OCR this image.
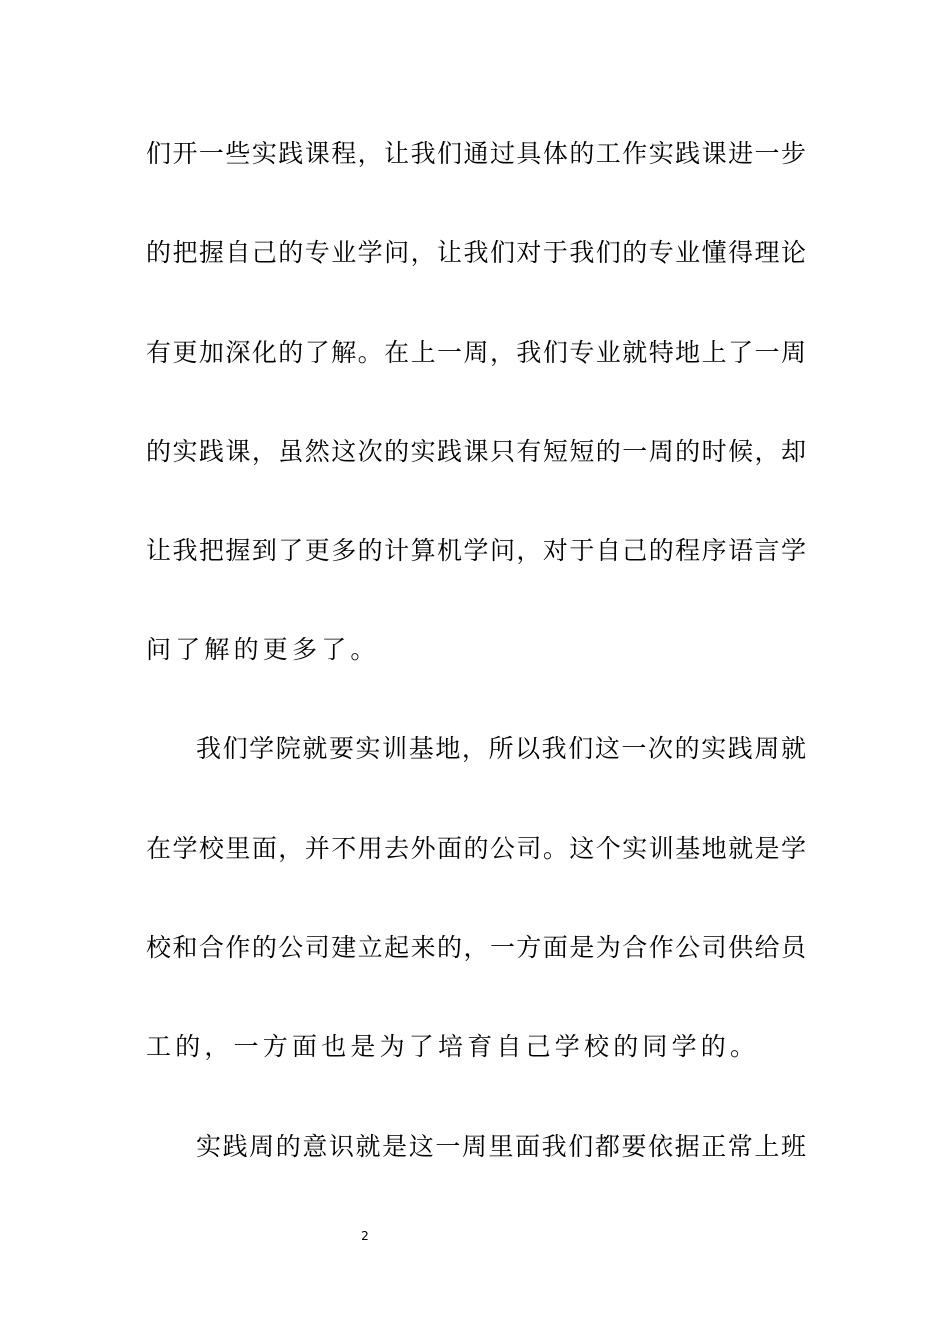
们开一些实践课程，让我们通过具体的工作实践课进一步
的把握自己的专业学问，让我们对于我们的专业懂得理论
有更加深化的了解。在上一周，我们专业就特地上了一周
的实践课，虽然这次的实践课只有短短的一周的时候，却
让我把握到了更多的计算机学问，对于自己的程序语言学
问了解的更多了。
我们学院就要实训基地，所以我们这一次的实践周就
在学校里面，并不用去外面的公司。这个实训基地就是学
校和合作的公司建立起来的，一方面是为合作公司供给员
工的，一方面也是为了培育自己学校的同学的。
实践周的意识就是这一周里面我们都要依据正常上班
2
